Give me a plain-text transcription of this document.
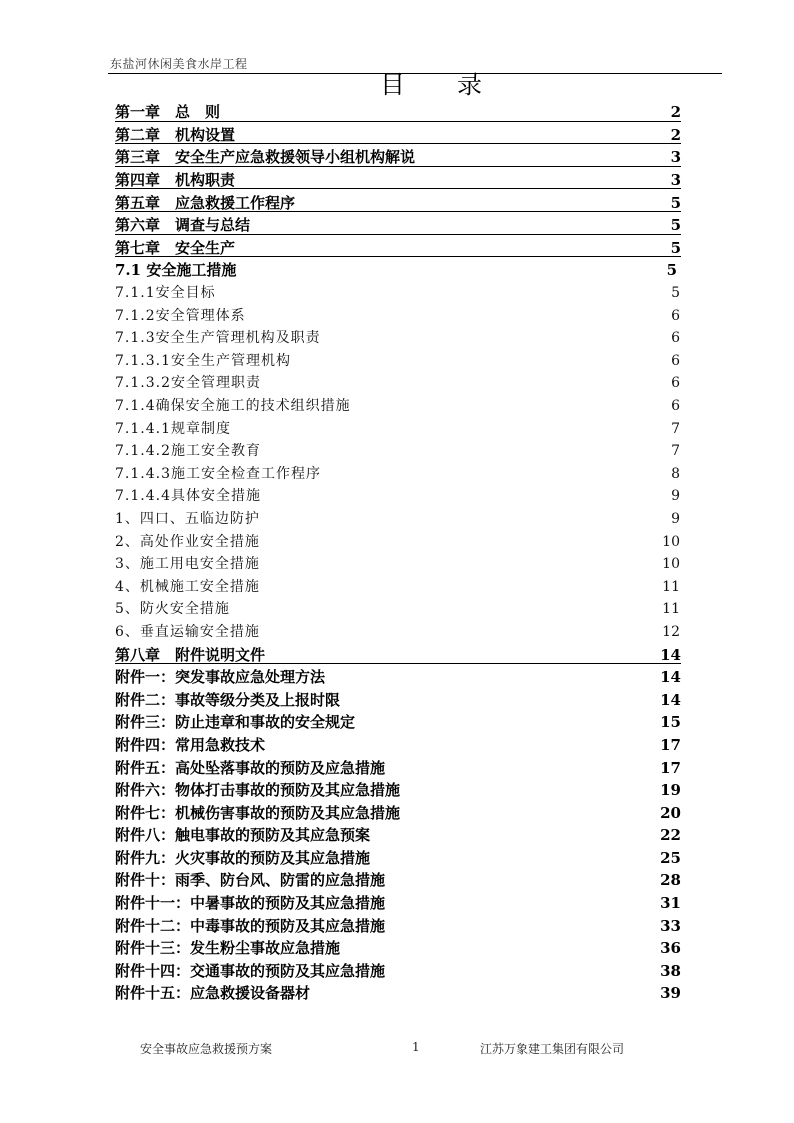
东盐河休闲美食水岸工程
目 录
第一章　总　则	2
第二章　机构设置	2
第三章　安全生产应急救援领导小组机构解说	3
第四章　机构职责	3
第五章　应急救援工作程序	5
第六章　调查与总结	5
第七章　安全生产	5
7.1 安全施工措施	5
7.1.1安全目标	5
7.1.2安全管理体系	6
7.1.3安全生产管理机构及职责	6
7.1.3.1安全生产管理机构	6
7.1.3.2安全管理职责	6
7.1.4确保安全施工的技术组织措施	6
7.1.4.1规章制度	7
7.1.4.2施工安全教育	7
7.1.4.3施工安全检查工作程序	8
7.1.4.4具体安全措施	9
1、四口、五临边防护	9
2、高处作业安全措施	10
3、施工用电安全措施	10
4、机械施工安全措施	11
5、防火安全措施	11
6、垂直运输安全措施	12
第八章　附件说明文件	14
附件一：突发事故应急处理方法	14
附件二：事故等级分类及上报时限	14
附件三：防止违章和事故的安全规定	15
附件四：常用急救技术	17
附件五：高处坠落事故的预防及应急措施	17
附件六：物体打击事故的预防及其应急措施	19
附件七：机械伤害事故的预防及其应急措施	20
附件八：触电事故的预防及其应急预案	22
附件九：火灾事故的预防及其应急措施	25
附件十：雨季、防台风、防雷的应急措施	28
附件十一：中暑事故的预防及其应急措施	31
附件十二：中毒事故的预防及其应急措施	33
附件十三：发生粉尘事故应急措施	36
附件十四：交通事故的预防及其应急措施	38
附件十五：应急救援设备器材	39
安全事故应急救援预方案	1	江苏万象建工集团有限公司
